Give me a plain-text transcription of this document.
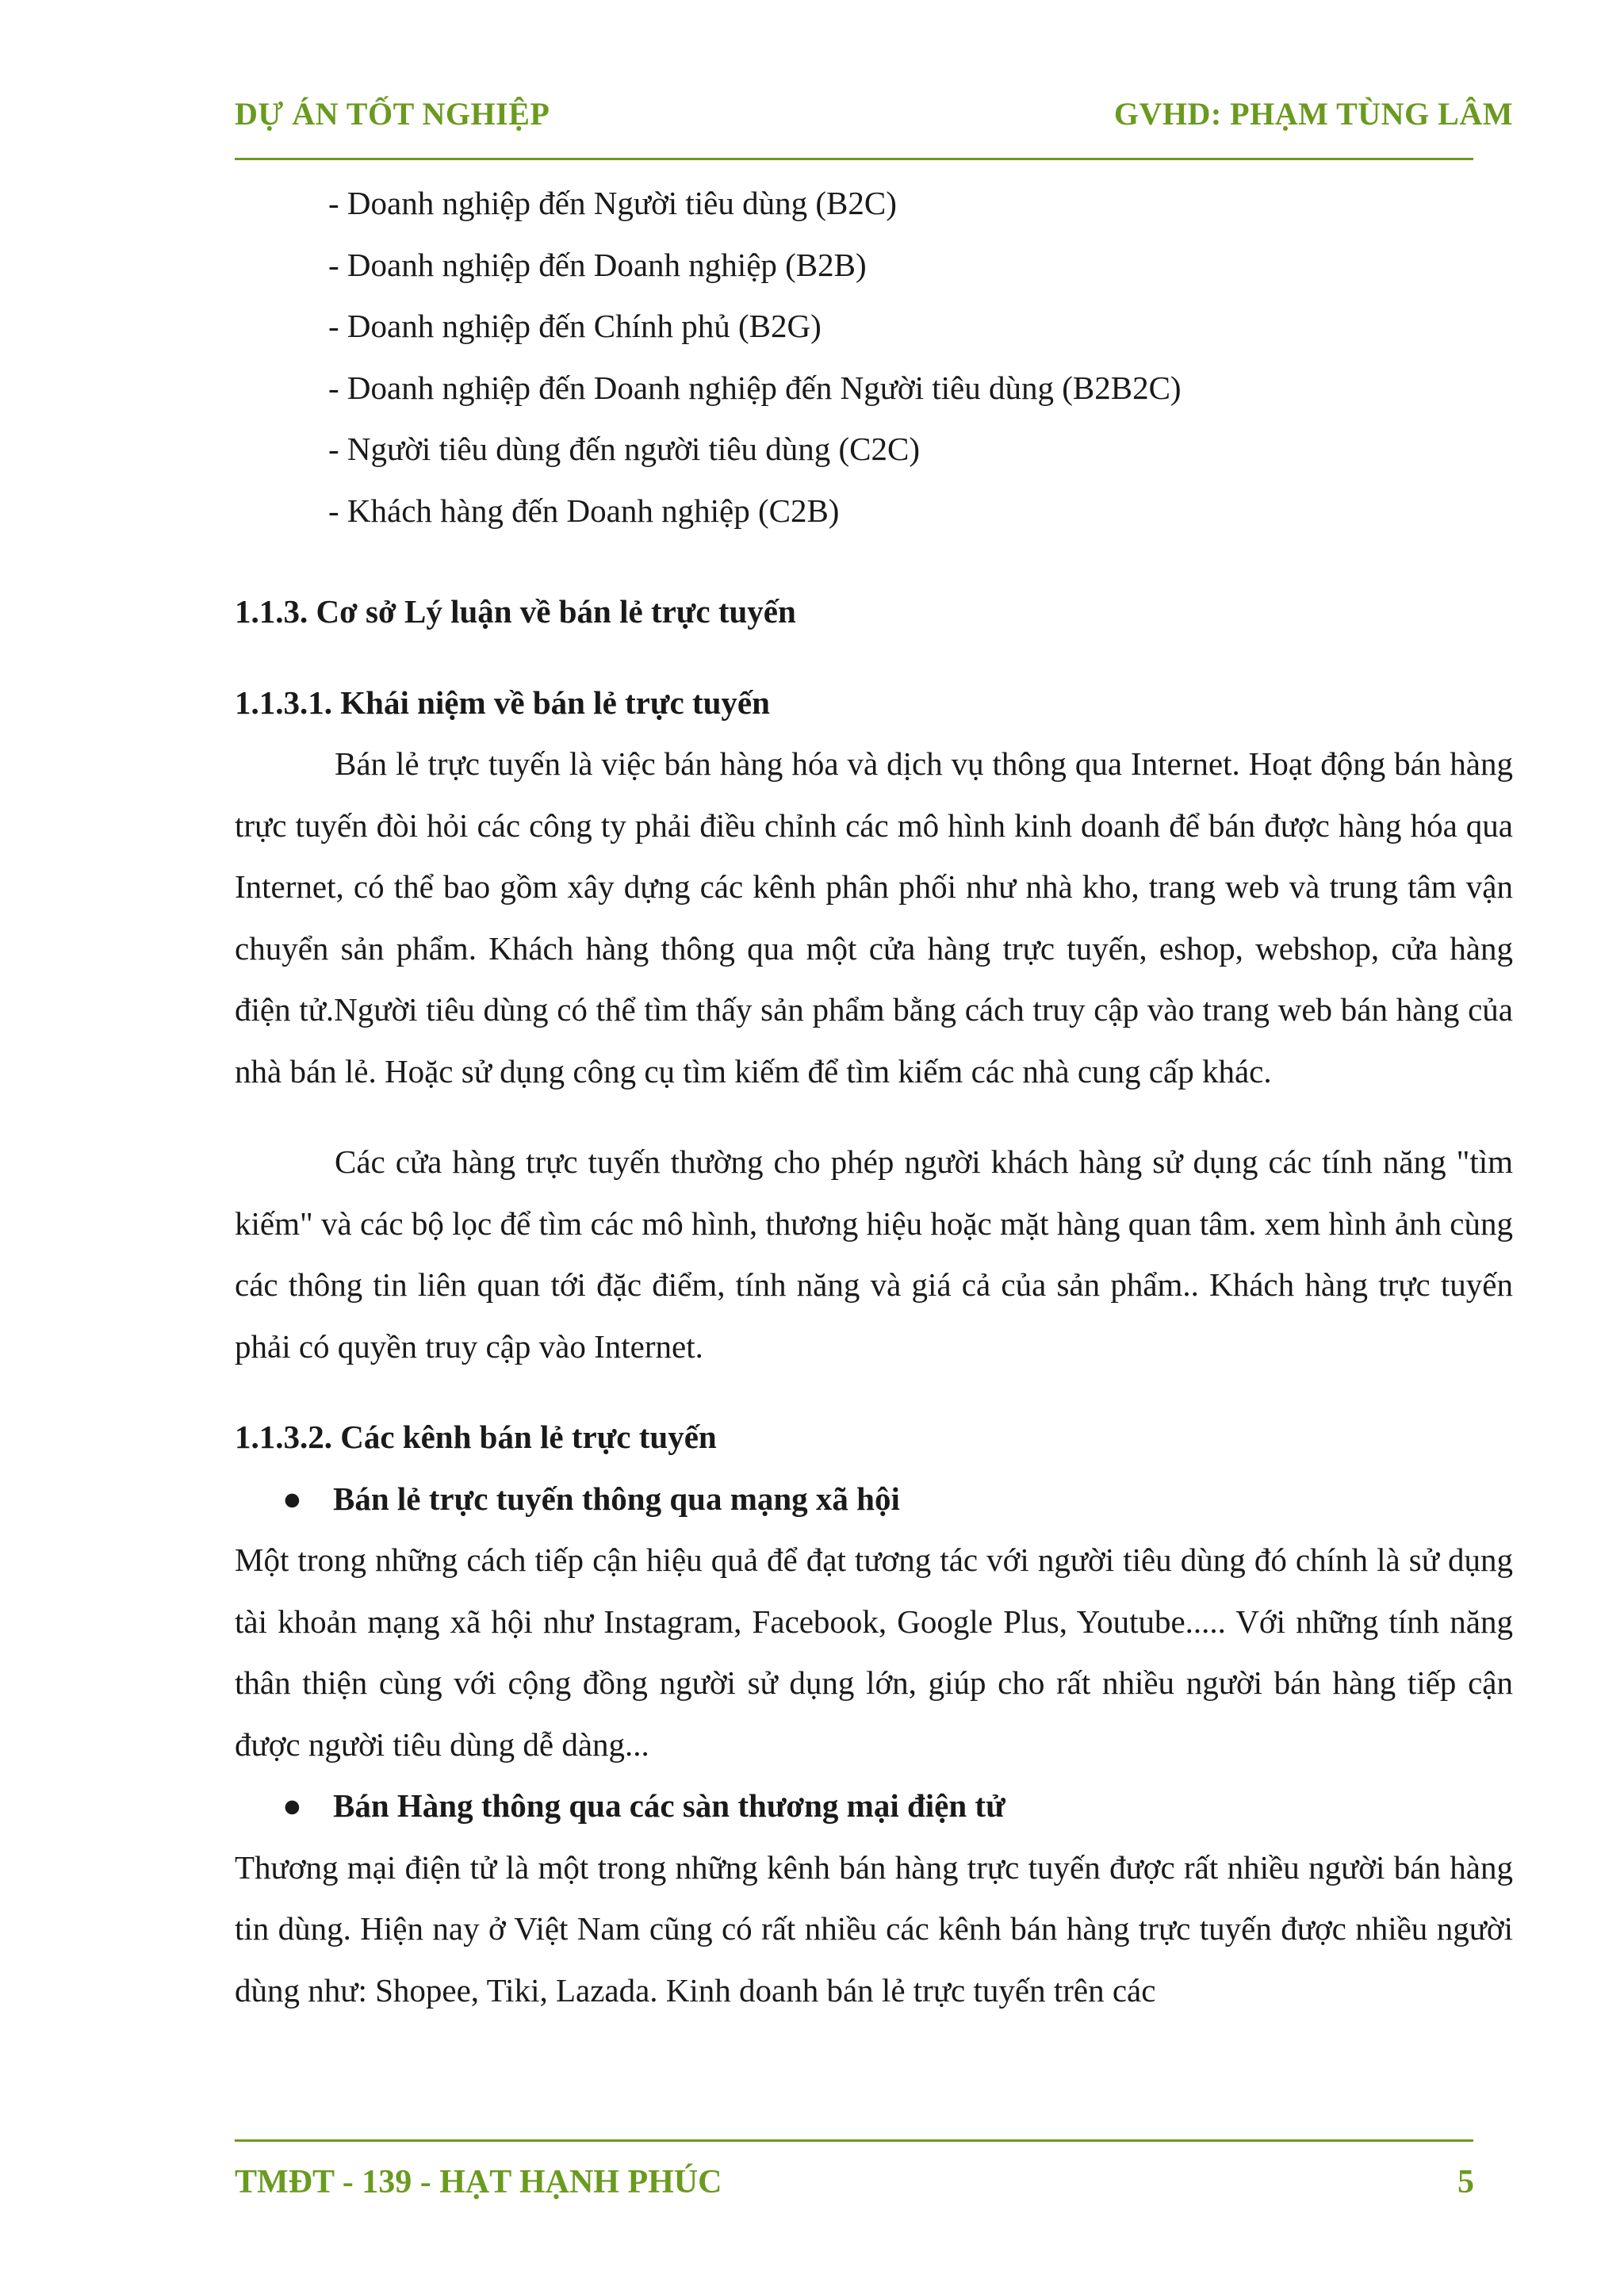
DỰ ÁN TỐT NGHIỆP	GVHD: PHẠM TÙNG LÂM
- Doanh nghiệp đến Người tiêu dùng (B2C)
- Doanh nghiệp đến Doanh nghiệp (B2B)
- Doanh nghiệp đến Chính phủ (B2G)
- Doanh nghiệp đến Doanh nghiệp đến Người tiêu dùng (B2B2C)
- Người tiêu dùng đến người tiêu dùng (C2C)
- Khách hàng đến Doanh nghiệp (C2B)
1.1.3. Cơ sở Lý luận về bán lẻ trực tuyến
1.1.3.1. Khái niệm về bán lẻ trực tuyến
Bán lẻ trực tuyến là việc bán hàng hóa và dịch vụ thông qua Internet. Hoạt động bán hàng trực tuyến đòi hỏi các công ty phải điều chỉnh các mô hình kinh doanh để bán được hàng hóa qua Internet, có thể bao gồm xây dựng các kênh phân phối như nhà kho, trang web và trung tâm vận chuyển sản phẩm. Khách hàng thông qua một cửa hàng trực tuyến, eshop, webshop, cửa hàng điện tử.Người tiêu dùng có thể tìm thấy sản phẩm bằng cách truy cập vào trang web bán hàng của nhà bán lẻ. Hoặc sử dụng công cụ tìm kiếm để tìm kiếm các nhà cung cấp khác.
Các cửa hàng trực tuyến thường cho phép người khách hàng sử dụng các tính năng "tìm kiếm" và các bộ lọc để tìm các mô hình, thương hiệu hoặc mặt hàng quan tâm. xem hình ảnh cùng các thông tin liên quan tới đặc điểm, tính năng và giá cả của sản phẩm.. Khách hàng trực tuyến phải có quyền truy cập vào Internet.
1.1.3.2. Các kênh bán lẻ trực tuyến
● Bán lẻ trực tuyến thông qua mạng xã hội
Một trong những cách tiếp cận hiệu quả để đạt tương tác với người tiêu dùng đó chính là sử dụng tài khoản mạng xã hội như Instagram, Facebook, Google Plus, Youtube..... Với những tính năng thân thiện cùng với cộng đồng người sử dụng lớn, giúp cho rất nhiều người bán hàng tiếp cận được người tiêu dùng dễ dàng...
● Bán Hàng thông qua các sàn thương mại điện tử
Thương mại điện tử là một trong những kênh bán hàng trực tuyến được rất nhiều người bán hàng tin dùng. Hiện nay ở Việt Nam cũng có rất nhiều các kênh bán hàng trực tuyến được nhiều người dùng như: Shopee, Tiki, Lazada. Kinh doanh bán lẻ trực tuyến trên các
TMĐT - 139 - HẠT HẠNH PHÚC	5
